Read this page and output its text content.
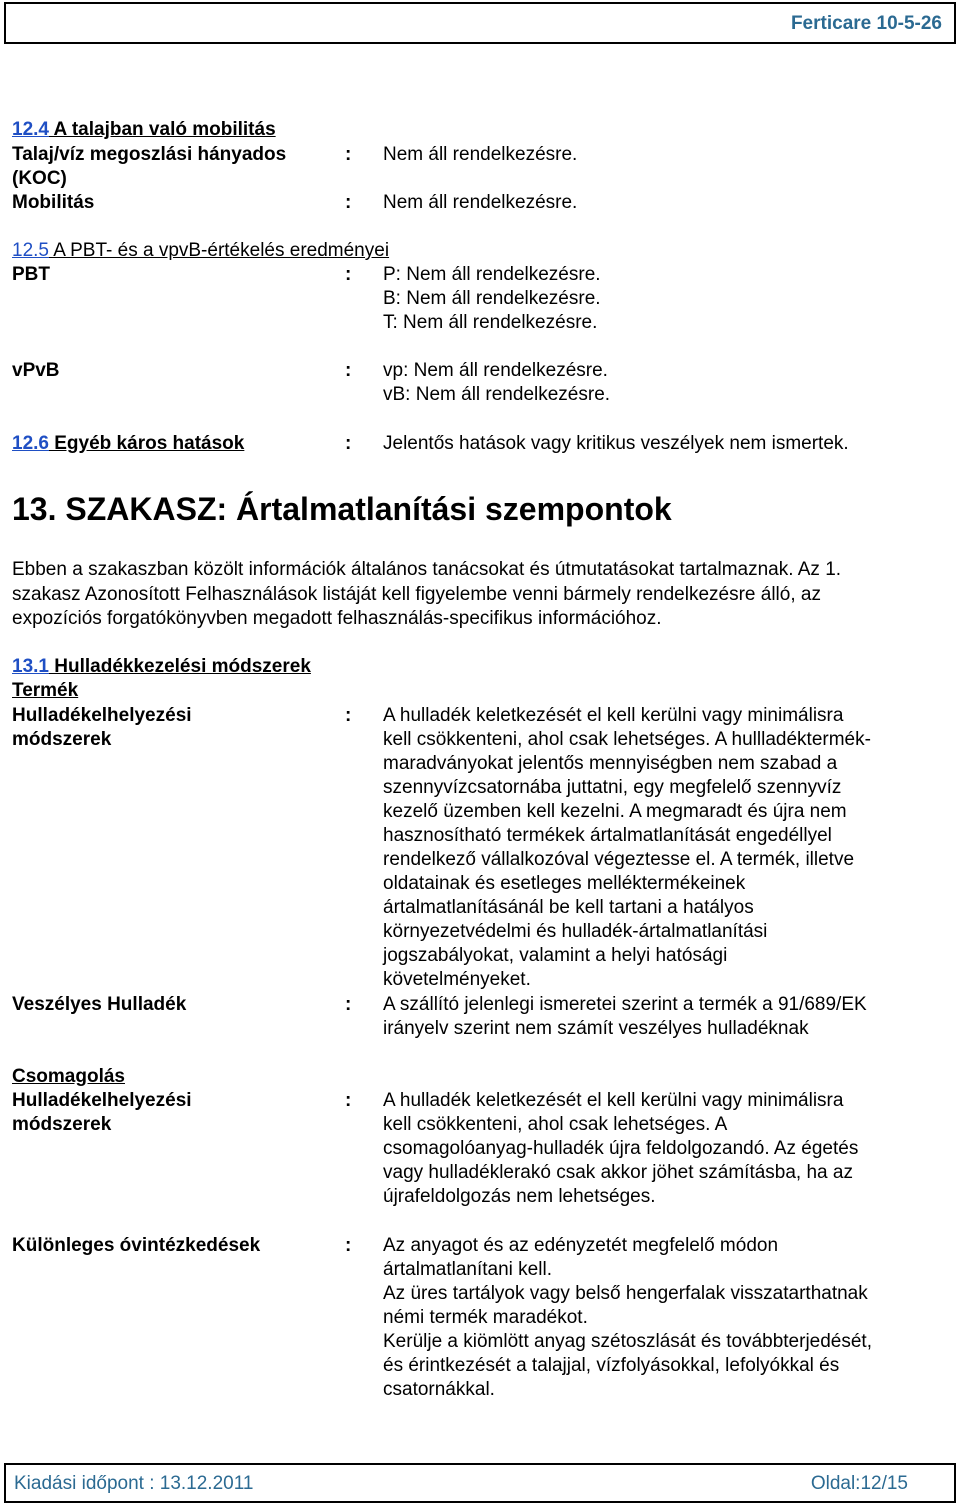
Ferticare 10-5-26
12.4 A talajban való mobilitás
Talaj/víz megoszlási hányados
(KOC)
: Nem áll rendelkezésre.
Mobilitás	: Nem áll rendelkezésre.
12.5 A PBT- és a vpvB-értékelés eredményei
PBT	: P: Nem áll rendelkezésre.
B: Nem áll rendelkezésre.
T: Nem áll rendelkezésre.
vPvB	: vp: Nem áll rendelkezésre.
vB: Nem áll rendelkezésre.
12.6 Egyéb káros hatások	: Jelentős hatások vagy kritikus veszélyek nem ismertek.
13. SZAKASZ: Ártalmatlanítási szempontok
Ebben a szakaszban közölt információk általános tanácsokat és útmutatásokat tartalmaznak. Az 1.
szakasz Azonosított Felhasználások listáját kell figyelembe venni bármely rendelkezésre álló, az
expozíciós forgatókönyvben megadott felhasználás-specifikus információhoz.
13.1 Hulladékkezelési módszerek
Termék
Hulladékelhelyezési
módszerek
: A hulladék keletkezését el kell kerülni vagy minimálisra
kell csökkenteni, ahol csak lehetséges. A hullladéktermék-
maradványokat jelentős mennyiségben nem szabad a
szennyvízcsatornába juttatni, egy megfelelő szennyvíz
kezelő üzemben kell kezelni. A megmaradt és újra nem
hasznosítható termékek ártalmatlanítását engedéllyel
rendelkező vállalkozóval végeztesse el. A termék, illetve
oldatainak és esetleges melléktermékeinek
ártalmatlanításánál be kell tartani a hatályos
környezetvédelmi és hulladék-ártalmatlanítási
jogszabályokat, valamint a helyi hatósági
követelményeket.
Veszélyes Hulladék	: A szállító jelenlegi ismeretei szerint a termék a 91/689/EK
irányelv szerint nem számít veszélyes hulladéknak
Csomagolás
Hulladékelhelyezési
módszerek
: A hulladék keletkezését el kell kerülni vagy minimálisra
kell csökkenteni, ahol csak lehetséges. A
csomagolóanyag-hulladék újra feldolgozandó. Az égetés
vagy hulladéklerakó csak akkor jöhet számításba, ha az
újrafeldolgozás nem lehetséges.
Különleges óvintézkedések	: Az anyagot és az edényzetét megfelelő módon
ártalmatlanítani kell.
Az üres tartályok vagy belső hengerfalak visszatarthatnak
némi termék maradékot.
Kerülje a kiömlött anyag szétoszlását és továbbterjedését,
és érintkezését a talajjal, vízfolyásokkal, lefolyókkal és
csatornákkal.
Kiadási időpont : 13.12.2011	Oldal:12/15
